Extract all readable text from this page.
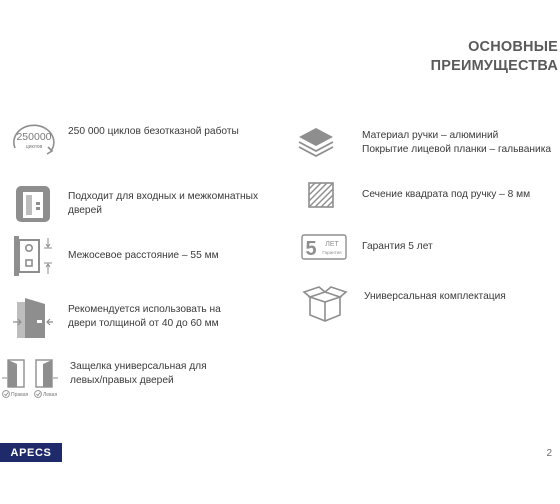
ОСНОВНЫЕ
ПРЕИМУЩЕСТВА
250000
циклов
250 000 циклов безотказной работы
Подходит для входных и межкомнатных
дверей
Межосевое расстояние – 55 мм
Рекомендуется использовать на
двери толщиной от 40 до 60 мм
Правая	Левая
Защелка универсальная для
левых/правых дверей
Материал ручки – алюминий
Покрытие лицевой планки – гальваника
Сечение квадрата под ручку – 8 мм
5 ЛЕТ
Гарантия
Гарантия 5 лет
Универсальная комплектация
APECS	2
